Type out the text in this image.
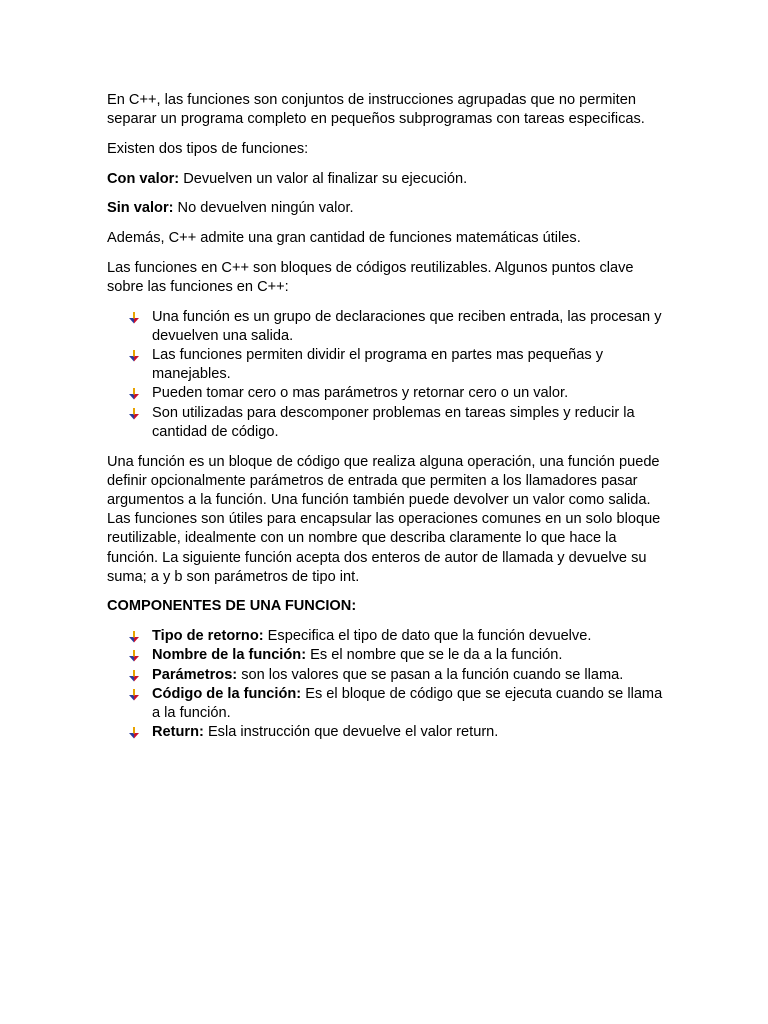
En C++, las funciones son conjuntos de instrucciones agrupadas que no permiten separar un programa completo en pequeños subprogramas con tareas especificas.

Existen dos tipos de funciones:

Con valor: Devuelven un valor al finalizar su ejecución.

Sin valor: No devuelven ningún valor.

Además, C++ admite una gran cantidad de funciones matemáticas útiles.

Las funciones en C++ son bloques de códigos reutilizables. Algunos puntos clave sobre las funciones en C++:

Una función es un grupo de declaraciones que reciben entrada, las procesan y devuelven una salida.
Las funciones permiten dividir el programa en partes mas pequeñas y manejables.
Pueden tomar cero o mas parámetros y retornar cero o un valor.
Son utilizadas para descomponer problemas en tareas simples y reducir la cantidad de código.

Una función es un bloque de código que realiza alguna operación, una función puede definir opcionalmente parámetros de entrada que permiten a los llamadores pasar argumentos a la función. Una función también puede devolver un valor como salida. Las funciones son útiles para encapsular las operaciones comunes en un solo bloque reutilizable, idealmente con un nombre que describa claramente lo que hace la función. La siguiente función acepta dos enteros de autor de llamada y devuelve su suma; a y b son parámetros de tipo int.

COMPONENTES DE UNA FUNCION:

Tipo de retorno: Especifica el tipo de dato que la función devuelve.
Nombre de la función: Es el nombre que se le da a la función.
Parámetros: son los valores que se pasan a la función cuando se llama.
Código de la función: Es el bloque de código que se ejecuta cuando se llama a la función.
Return: Esla instrucción que devuelve el valor return.
